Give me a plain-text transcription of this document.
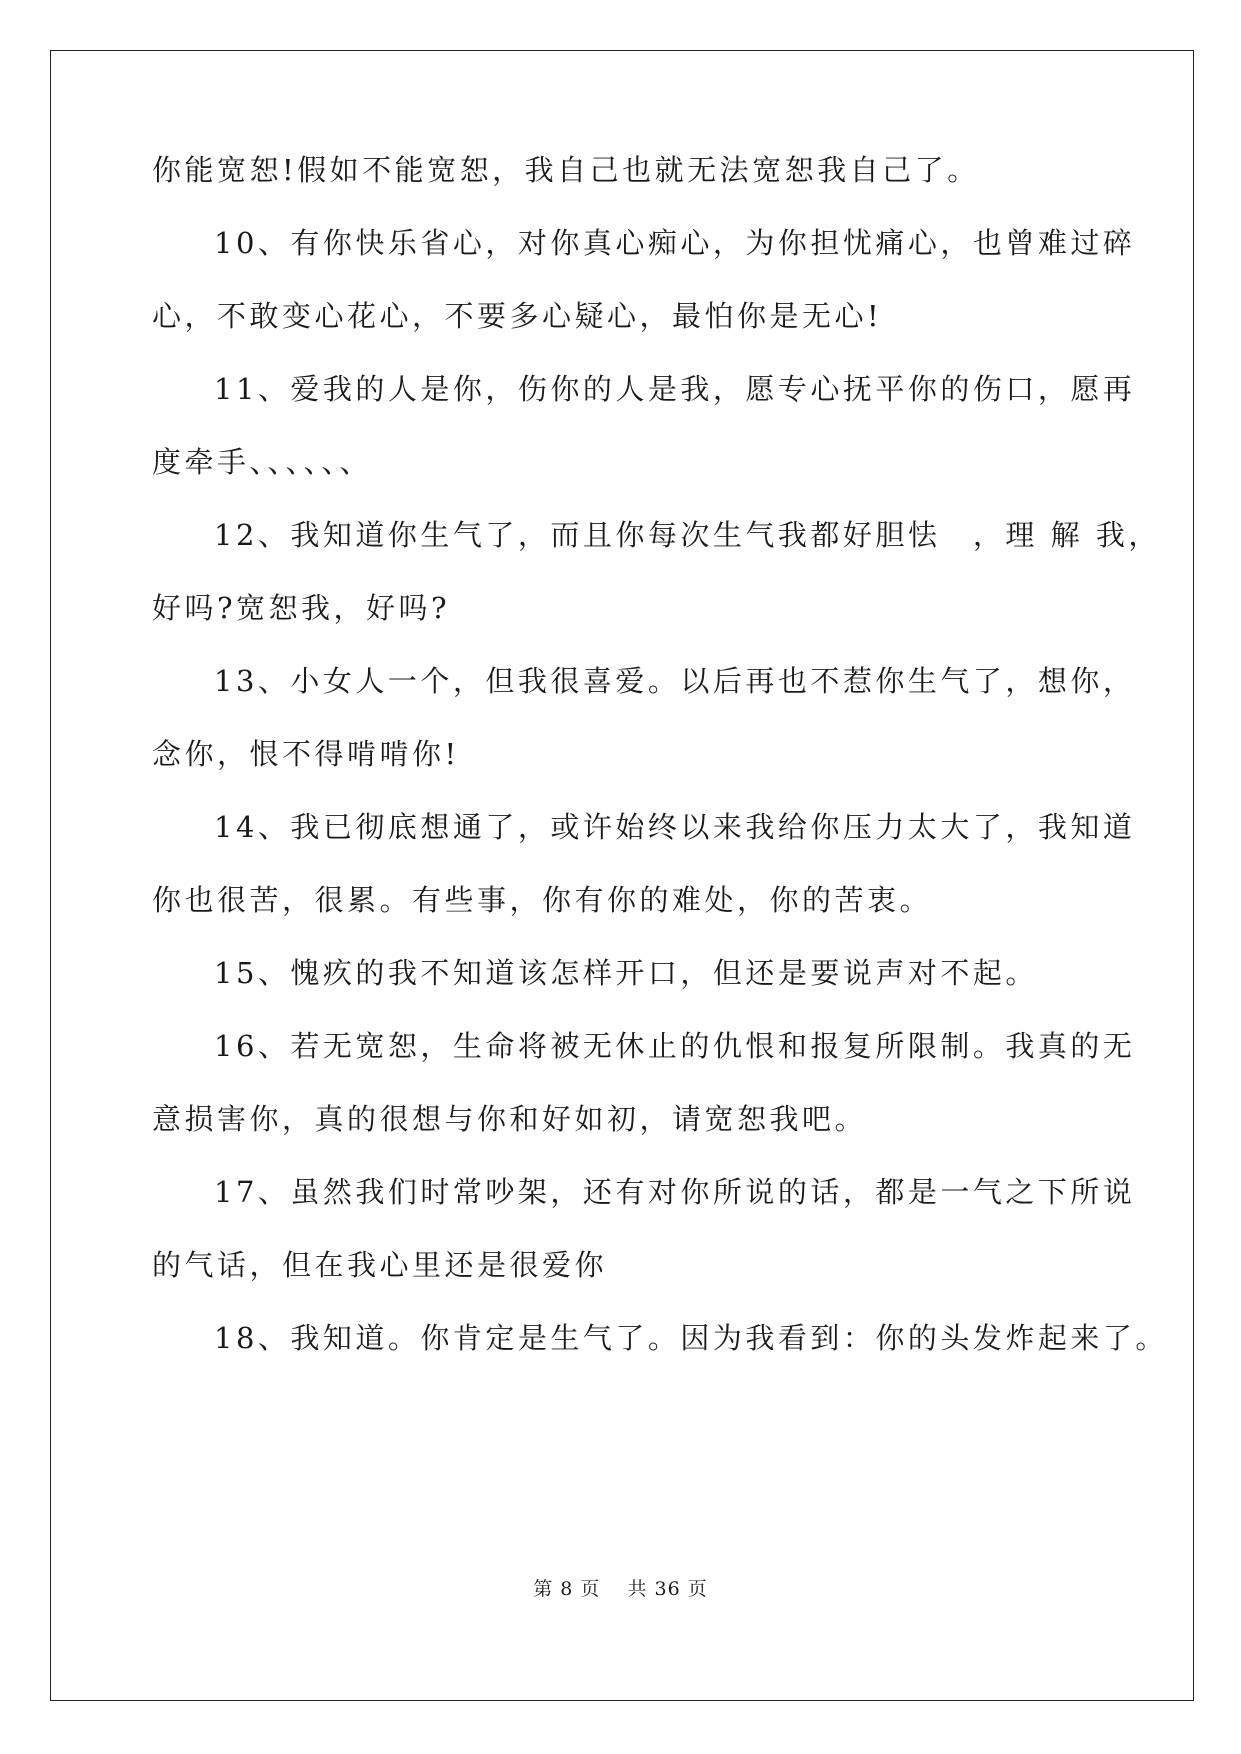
你能宽恕!假如不能宽恕，我自己也就无法宽恕我自己了。
10、有你快乐省心，对你真心痴心，为你担忧痛心，也曾难过碎
心，不敢变心花心，不要多心疑心，最怕你是无心!
11、爱我的人是你，伤你的人是我，愿专心抚平你的伤口，愿再
度牵手、、、、、、
12、我知道你生气了，而且你每次生气我都好胆怯　，理 解 我，
好吗?宽恕我，好吗?
13、小女人一个，但我很喜爱。以后再也不惹你生气了，想你，
念你，恨不得啃啃你!
14、我已彻底想通了，或许始终以来我给你压力太大了，我知道
你也很苦，很累。有些事，你有你的难处，你的苦衷。
15、愧疚的我不知道该怎样开口，但还是要说声对不起。
16、若无宽恕，生命将被无休止的仇恨和报复所限制。我真的无
意损害你，真的很想与你和好如初，请宽恕我吧。
17、虽然我们时常吵架，还有对你所说的话，都是一气之下所说
的气话，但在我心里还是很爱你
18、我知道。你肯定是生气了。因为我看到：你的头发炸起来了。
第 8 页　 共 36 页
